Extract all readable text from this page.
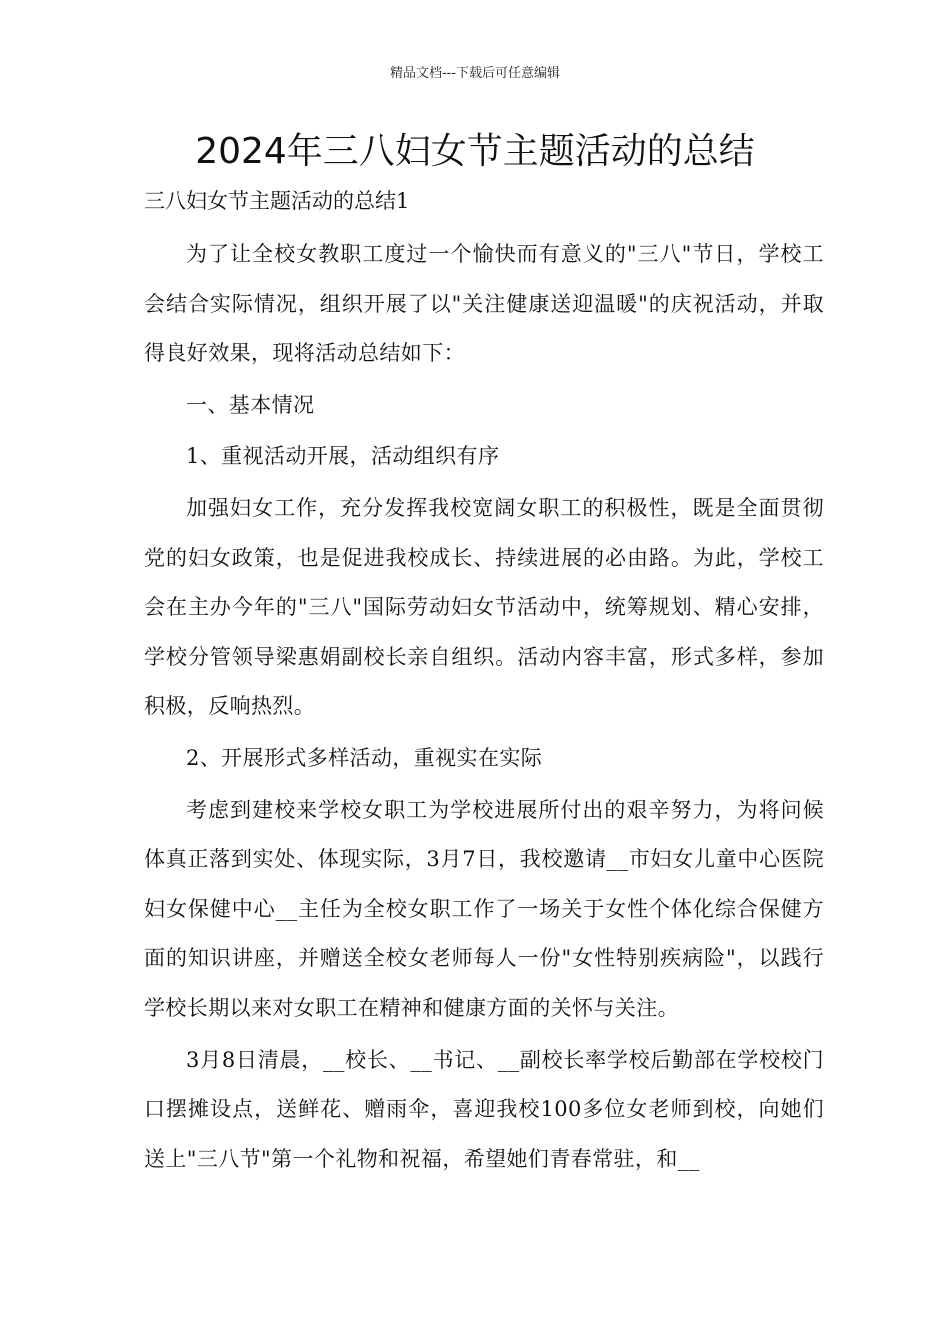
精品文档---下载后可任意编辑
2024年三八妇女节主题活动的总结

三八妇女节主题活动的总结1

为了让全校女教职工度过一个愉快而有意义的"三八"节日，学校工会结合实际情况，组织开展了以"关注健康送迎温暖"的庆祝活动，并取得良好效果，现将活动总结如下：

一、基本情况

1、重视活动开展，活动组织有序

加强妇女工作，充分发挥我校宽阔女职工的积极性，既是全面贯彻党的妇女政策，也是促进我校成长、持续进展的必由路。为此，学校工会在主办今年的"三八"国际劳动妇女节活动中，统筹规划、精心安排，学校分管领导梁惠娟副校长亲自组织。活动内容丰富，形式多样，参加积极，反响热烈。

2、开展形式多样活动，重视实在实际

考虑到建校来学校女职工为学校进展所付出的艰辛努力，为将问候体真正落到实处、体现实际，3月7日，我校邀请__市妇女儿童中心医院妇女保健中心__主任为全校女职工作了一场关于女性个体化综合保健方面的知识讲座，并赠送全校女老师每人一份"女性特别疾病险"，以践行学校长期以来对女职工在精神和健康方面的关怀与关注。

3月8日清晨，__校长、__书记、__副校长率学校后勤部在学校校门口摆摊设点，送鲜花、赠雨伞，喜迎我校100多位女老师到校，向她们送上"三八节"第一个礼物和祝福，希望她们青春常驻，和__
